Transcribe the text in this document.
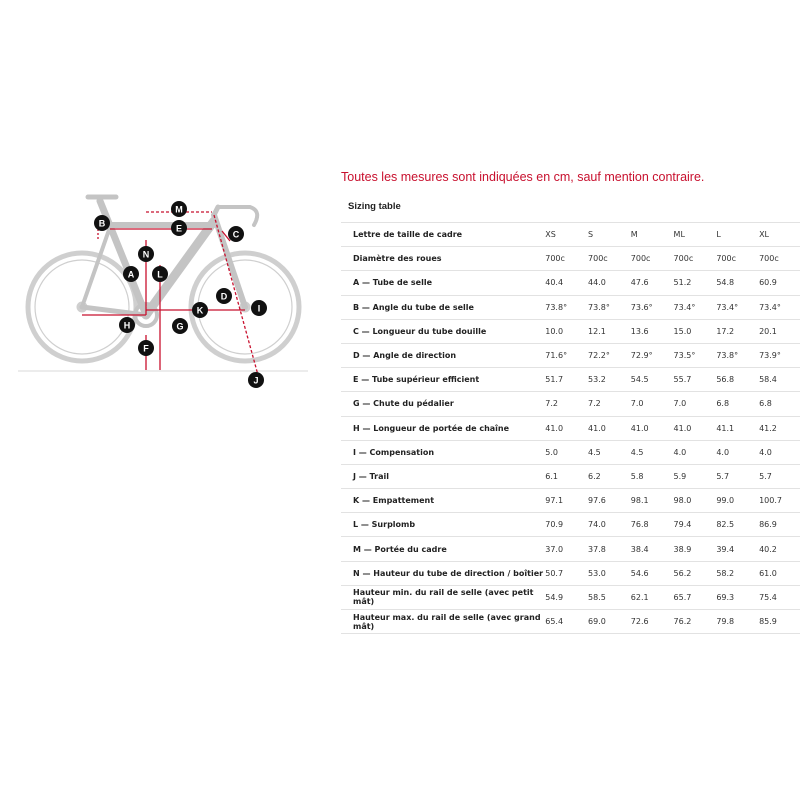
M
E
B
C
N
A	L
D
K	I
H	G
F
J
Toutes les mesures sont indiquées en cm, sauf mention contraire.
Sizing table
Lettre de taille de cadre	XS	S	M	ML	L	XL
Diamètre des roues	700c	700c	700c	700c	700c	700c
A — Tube de selle	40.4	44.0	47.6	51.2	54.8	60.9
B — Angle du tube de selle	73.8°	73.8°	73.6°	73.4°	73.4°	73.4°
C — Longueur du tube douille	10.0	12.1	13.6	15.0	17.2	20.1
D — Angle de direction	71.6°	72.2°	72.9°	73.5°	73.8°	73.9°
E — Tube supérieur efficient	51.7	53.2	54.5	55.7	56.8	58.4
G — Chute du pédalier	7.2	7.2	7.0	7.0	6.8	6.8
H — Longueur de portée de chaîne	41.0	41.0	41.0	41.0	41.1	41.2
I — Compensation	5.0	4.5	4.5	4.0	4.0	4.0
J — Trail	6.1	6.2	5.8	5.9	5.7	5.7
K — Empattement	97.1	97.6	98.1	98.0	99.0	100.7
L — Surplomb	70.9	74.0	76.8	79.4	82.5	86.9
M — Portée du cadre	37.0	37.8	38.4	38.9	39.4	40.2
N — Hauteur du tube de direction / boîtier	50.7	53.0	54.6	56.2	58.2	61.0
Hauteur min. du rail de selle (avec petit mât)	54.9	58.5	62.1	65.7	69.3	75.4
Hauteur max. du rail de selle (avec grand mât)	65.4	69.0	72.6	76.2	79.8	85.9
